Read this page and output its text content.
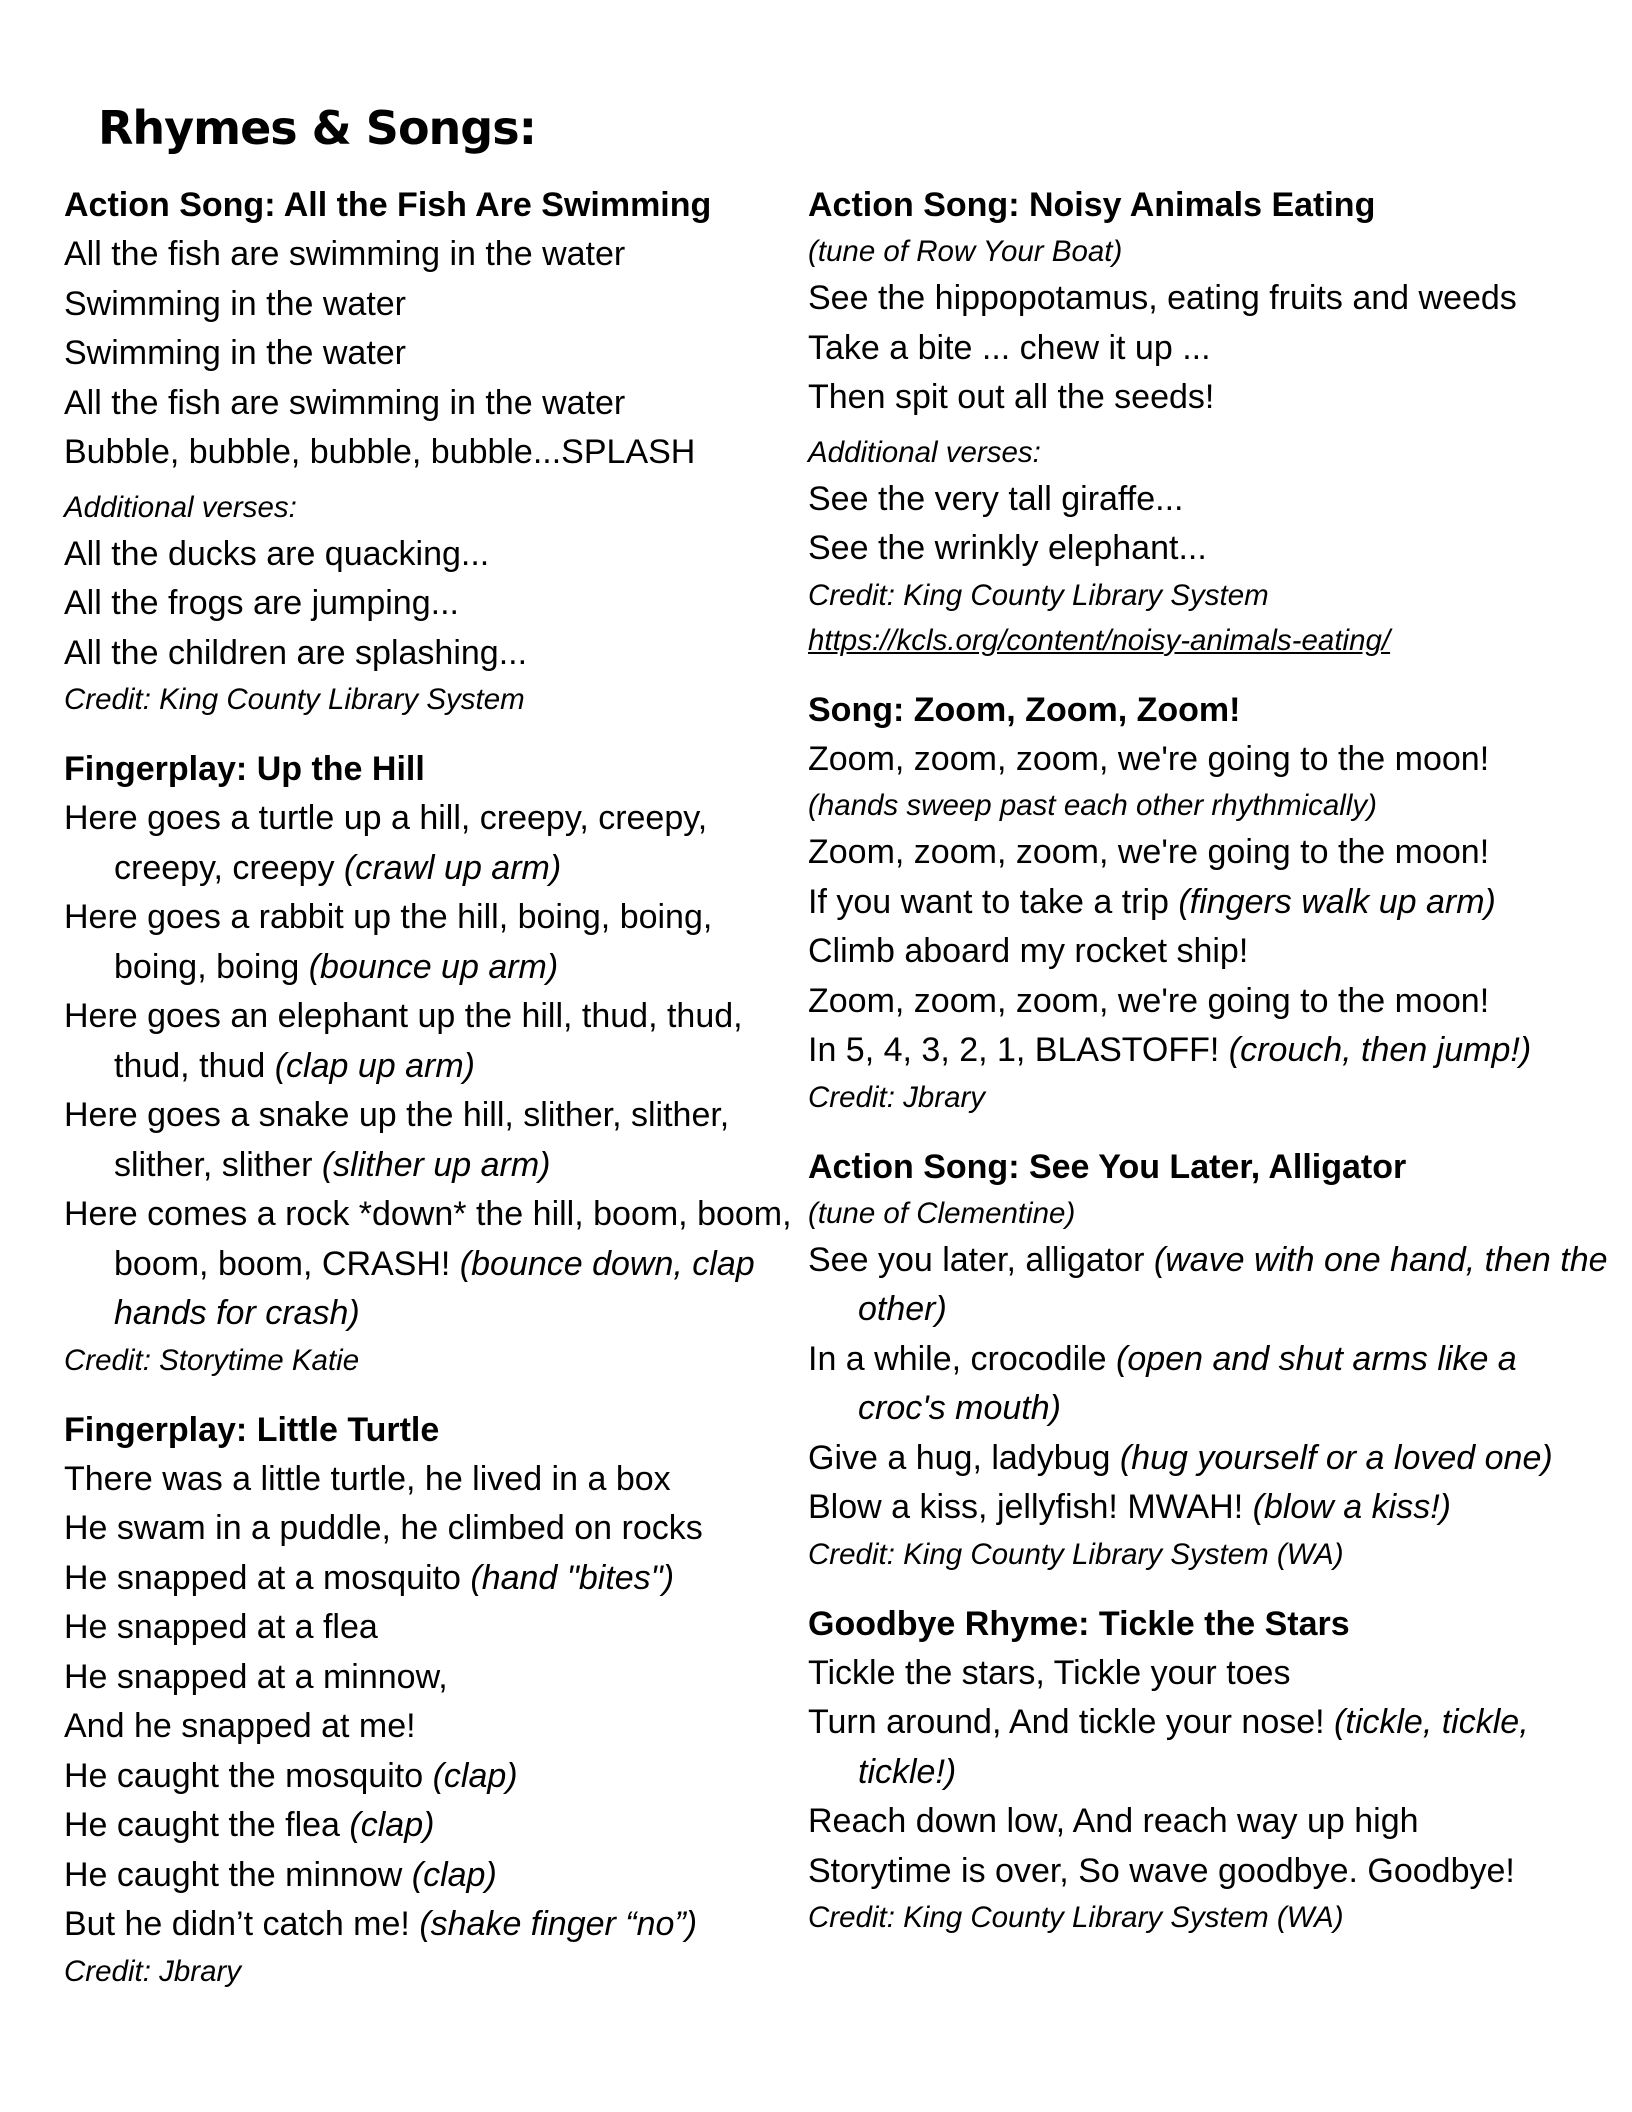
Rhymes & Songs:

Action Song: All the Fish Are Swimming

All the fish are swimming in the water

Swimming in the water

Swimming in the water

All the fish are swimming in the water

Bubble, bubble, bubble, bubble...SPLASH

Additional verses:

All the ducks are quacking...

All the frogs are jumping...

All the children are splashing...

Credit: King County Library System

Fingerplay: Up the Hill

Here goes a turtle up a hill, creepy, creepy, creepy, creepy (crawl up arm)

Here goes a rabbit up the hill, boing, boing, boing, boing (bounce up arm)

Here goes an elephant up the hill, thud, thud, thud, thud (clap up arm)

Here goes a snake up the hill, slither, slither, slither, slither (slither up arm)

Here comes a rock *down* the hill, boom, boom, boom, boom, CRASH! (bounce down, clap hands for crash)

Credit: Storytime Katie

Fingerplay: Little Turtle

There was a little turtle, he lived in a box

He swam in a puddle, he climbed on rocks

He snapped at a mosquito (hand "bites")

He snapped at a flea

He snapped at a minnow,

And he snapped at me!

He caught the mosquito (clap)

He caught the flea (clap)

He caught the minnow (clap)

But he didn’t catch me! (shake finger “no”)

Credit: Jbrary

Action Song: Noisy Animals Eating

(tune of Row Your Boat)

See the hippopotamus, eating fruits and weeds

Take a bite ... chew it up ...

Then spit out all the seeds!

Additional verses:

See the very tall giraffe...

See the wrinkly elephant...

Credit: King County Library System

https://kcls.org/content/noisy-animals-eating/

Song: Zoom, Zoom, Zoom!

Zoom, zoom, zoom, we're going to the moon!

(hands sweep past each other rhythmically)

Zoom, zoom, zoom, we're going to the moon!

If you want to take a trip (fingers walk up arm)

Climb aboard my rocket ship!

Zoom, zoom, zoom, we're going to the moon!

In 5, 4, 3, 2, 1, BLASTOFF! (crouch, then jump!)

Credit: Jbrary

Action Song: See You Later, Alligator

(tune of Clementine)

See you later, alligator (wave with one hand, then the other)

In a while, crocodile (open and shut arms like a croc's mouth)

Give a hug, ladybug (hug yourself or a loved one)

Blow a kiss, jellyfish! MWAH! (blow a kiss!)

Credit: King County Library System (WA)

Goodbye Rhyme: Tickle the Stars

Tickle the stars, Tickle your toes

Turn around, And tickle your nose! (tickle, tickle, tickle!)

Reach down low, And reach way up high

Storytime is over, So wave goodbye. Goodbye!

Credit: King County Library System (WA)
